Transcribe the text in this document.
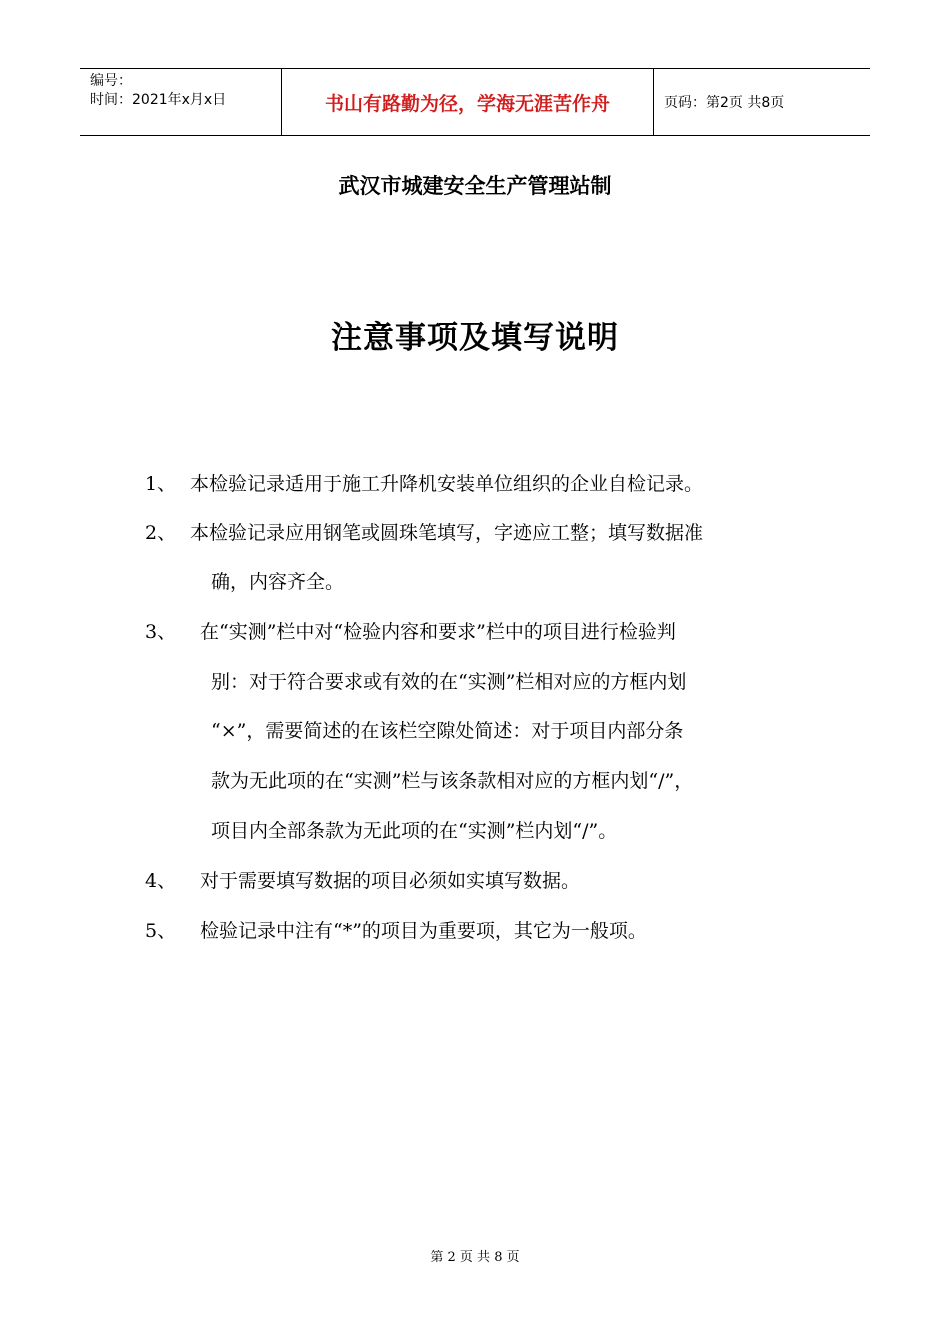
编号：
时间：2021年x月x日	书山有路勤为径，学海无涯苦作舟	页码：第2页 共8页
武汉市城建安全生产管理站制
注意事项及填写说明
1、 本检验记录适用于施工升降机安装单位组织的企业自检记录。
2、 本检验记录应用钢笔或圆珠笔填写，字迹应工整；填写数据准
确，内容齐全。
3、 在“实测”栏中对“检验内容和要求”栏中的项目进行检验判
别：对于符合要求或有效的在“实测”栏相对应的方框内划
“×”，需要简述的在该栏空隙处简述：对于项目内部分条
款为无此项的在“实测”栏与该条款相对应的方框内划“/”，
项目内全部条款为无此项的在“实测”栏内划“/”。
4、 对于需要填写数据的项目必须如实填写数据。
5、 检验记录中注有“*”的项目为重要项，其它为一般项。
第 2 页 共 8 页
